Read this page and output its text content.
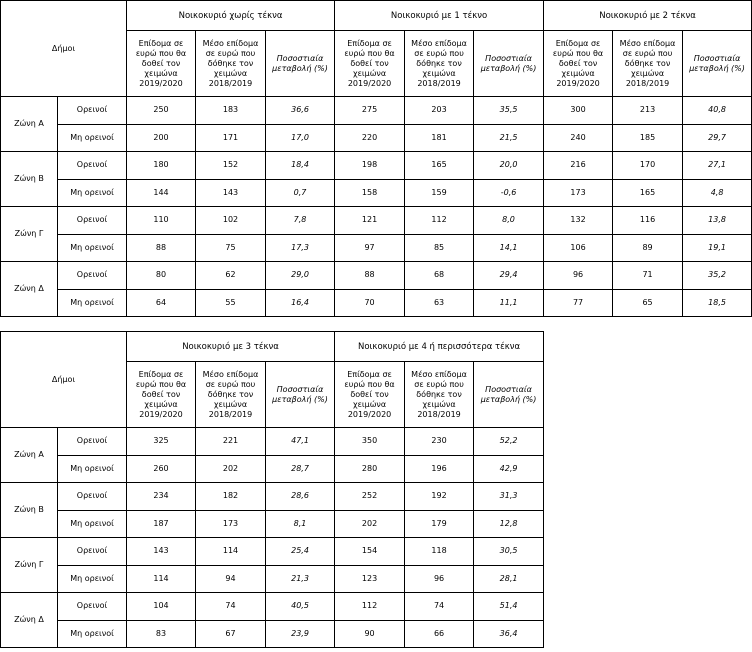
Δήμοι		Νοικοκυριό χωρίς τέκνα			Νοικοκυριό με 1 τέκνο			Νοικοκυριό με 2 τέκνα		
		Επίδομα σε ευρώ που θα δοθεί τον χειμώνα 2019/2020	Μέσο επίδομα σε ευρώ που δόθηκε τον χειμώνα 2018/2019	Ποσοστιαία μεταβολή (%)	Επίδομα σε ευρώ που θα δοθεί τον χειμώνα 2019/2020	Μέσο επίδομα σε ευρώ που δόθηκε τον χειμώνα 2018/2019	Ποσοστιαία μεταβολή (%)	Επίδομα σε ευρώ που θα δοθεί τον χειμώνα 2019/2020	Μέσο επίδομα σε ευρώ που δόθηκε τον χειμώνα 2018/2019	Ποσοστιαία μεταβολή (%)
Ζώνη Α	Ορεινοί	250	183	36,6	275	203	35,5	300	213	40,8
	Μη ορεινοί	200	171	17,0	220	181	21,5	240	185	29,7
Ζώνη Β	Ορεινοί	180	152	18,4	198	165	20,0	216	170	27,1
	Μη ορεινοί	144	143	0,7	158	159	-0,6	173	165	4,8
Ζώνη Γ	Ορεινοί	110	102	7,8	121	112	8,0	132	116	13,8
	Μη ορεινοί	88	75	17,3	97	85	14,1	106	89	19,1
Ζώνη Δ	Ορεινοί	80	62	29,0	88	68	29,4	96	71	35,2
	Μη ορεινοί	64	55	16,4	70	63	11,1	77	65	18,5
Δήμοι		Νοικοκυριό με 3 τέκνα			Νοικοκυριό με 4 ή περισσότερα τέκνα		
		Επίδομα σε ευρώ που θα δοθεί τον χειμώνα 2019/2020	Μέσο επίδομα σε ευρώ που δόθηκε τον χειμώνα 2018/2019	Ποσοστιαία μεταβολή (%)	Επίδομα σε ευρώ που θα δοθεί τον χειμώνα 2019/2020	Μέσο επίδομα σε ευρώ που δόθηκε τον χειμώνα 2018/2019	Ποσοστιαία μεταβολή (%)
Ζώνη Α	Ορεινοί	325	221	47,1	350	230	52,2
	Μη ορεινοί	260	202	28,7	280	196	42,9
Ζώνη Β	Ορεινοί	234	182	28,6	252	192	31,3
	Μη ορεινοί	187	173	8,1	202	179	12,8
Ζώνη Γ	Ορεινοί	143	114	25,4	154	118	30,5
	Μη ορεινοί	114	94	21,3	123	96	28,1
Ζώνη Δ	Ορεινοί	104	74	40,5	112	74	51,4
	Μη ορεινοί	83	67	23,9	90	66	36,4
